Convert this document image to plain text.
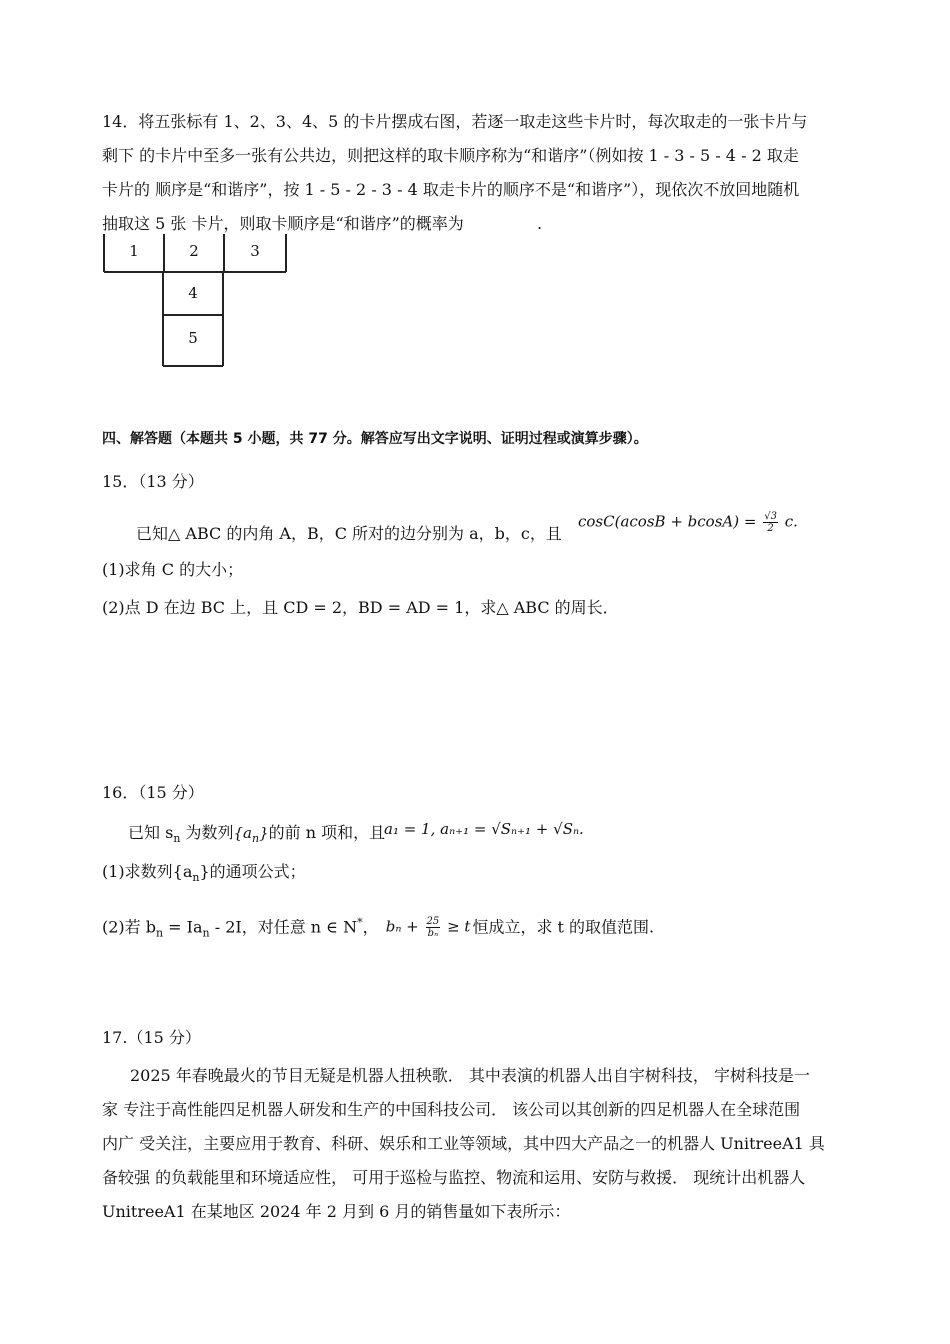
14．将五张标有 1、2、3、4、5 的卡片摆成右图，若逐一取走这些卡片时，每次取走的一张卡片与
剩下 的卡片中至多一张有公共边，则把这样的取卡顺序称为“和谐序”（例如按 1 - 3 - 5 - 4 - 2 取走
卡片的 顺序是“和谐序”，按 1 - 5 - 2 - 3 - 4 取走卡片的顺序不是“和谐序”），现依次不放回地随机
抽取这 5 张 卡片，则取卡顺序是“和谐序”的概率为	.
1	2	3
4
5
四、解答题（本题共 5 小题，共 77 分。解答应写出文字说明、证明过程或演算步骤）。
15．（13 分）
已知△ ABC 的内角 A，B，C 所对的边分别为 a，b，c，且
$\cos C(acosB + bcosA) = \frac{√3}{2} c$.
(1)求角 C 的大小；
(2)点 D 在边 BC 上，且 CD = 2，BD = AD = 1，求△ ABC 的周长．
16．（15 分）
已知 $s_n$ 为数列$\{a_n\}$的前 n 项和，且
a₁ = 1, aₙ₊₁ = √Sₙ₊₁ + √Sₙ.
(1)求数列$\{a_n\}$的通项公式；
(2)若 $b_n = Ia_n - 2I$，对任意 n ∈ N*， $b_n + \frac{25}{\text{bₙ}} \ge t$ 恒成立，求 t 的取值范围.
17.（15 分）
2025 年春晚最火的节目无疑是机器人扭秧歌． 其中表演的机器人出自宇树科技， 宇树科技是一
家 专注于高性能四足机器人研发和生产的中国科技公司． 该公司以其创新的四足机器人在全球范围
内广 受关注，主要应用于教育、科研、娱乐和工业等领域，其中四大产品之一的机器人 UnitreeA1 具
备较强 的负载能里和环境适应性， 可用于巡检与监控、物流和运用、安防与救援． 现统计出机器人
UnitreeA1 在某地区 2024 年 2 月到 6 月的销售量如下表所示：
